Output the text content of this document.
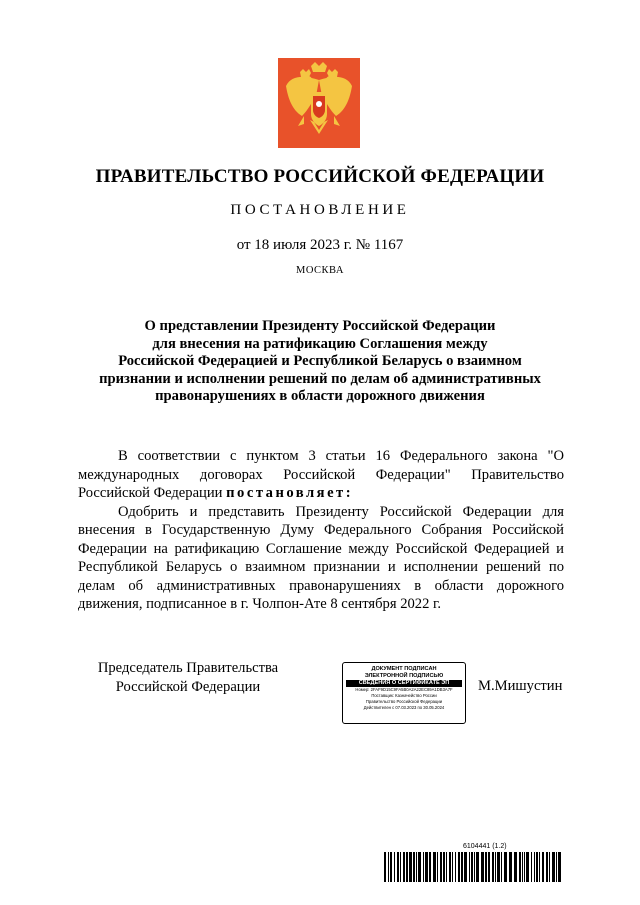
ПРАВИТЕЛЬСТВО РОССИЙСКОЙ ФЕДЕРАЦИИ
ПОСТАНОВЛЕНИЕ
от 18 июля 2023 г. № 1167
МОСКВА
О представлении Президенту Российской Федерации
для внесения на ратификацию Соглашения между
Российской Федерацией и Республикой Беларусь о взаимном
признании и исполнении решений по делам об административных
правонарушениях в области дорожного движения

В соответствии с пунктом 3 статьи 16 Федерального закона "О международных договорах Российской Федерации" Правительство Российской Федерации постановляет:

Одобрить и представить Президенту Российской Федерации для внесения в Государственную Думу Федерального Собрания Российской Федерации на ратификацию Соглашение между Российской Федерацией и Республикой Беларусь о взаимном признании и исполнении решений по делам об административных правонарушениях в области дорожного движения, подписанное в г. Чолпон-Ате 8 сентября 2022 г.

Председатель Правительства
Российской Федерации
ДОКУМЕНТ ПОДПИСАН
ЭЛЕКТРОННОЙ ПОДПИСЬЮ
СВЕДЕНИЯ О СЕРТИФИКАТЕ ЭП
Номер: 2FAF9D15C9FA5B0A2A22EC89A1DB3A7F
Поставщик: Казначейство России
Правительство Российской Федерации
Действителен с 07.03.2023 по 30.05.2024
М.Мишустин
6104441 (1.2)
